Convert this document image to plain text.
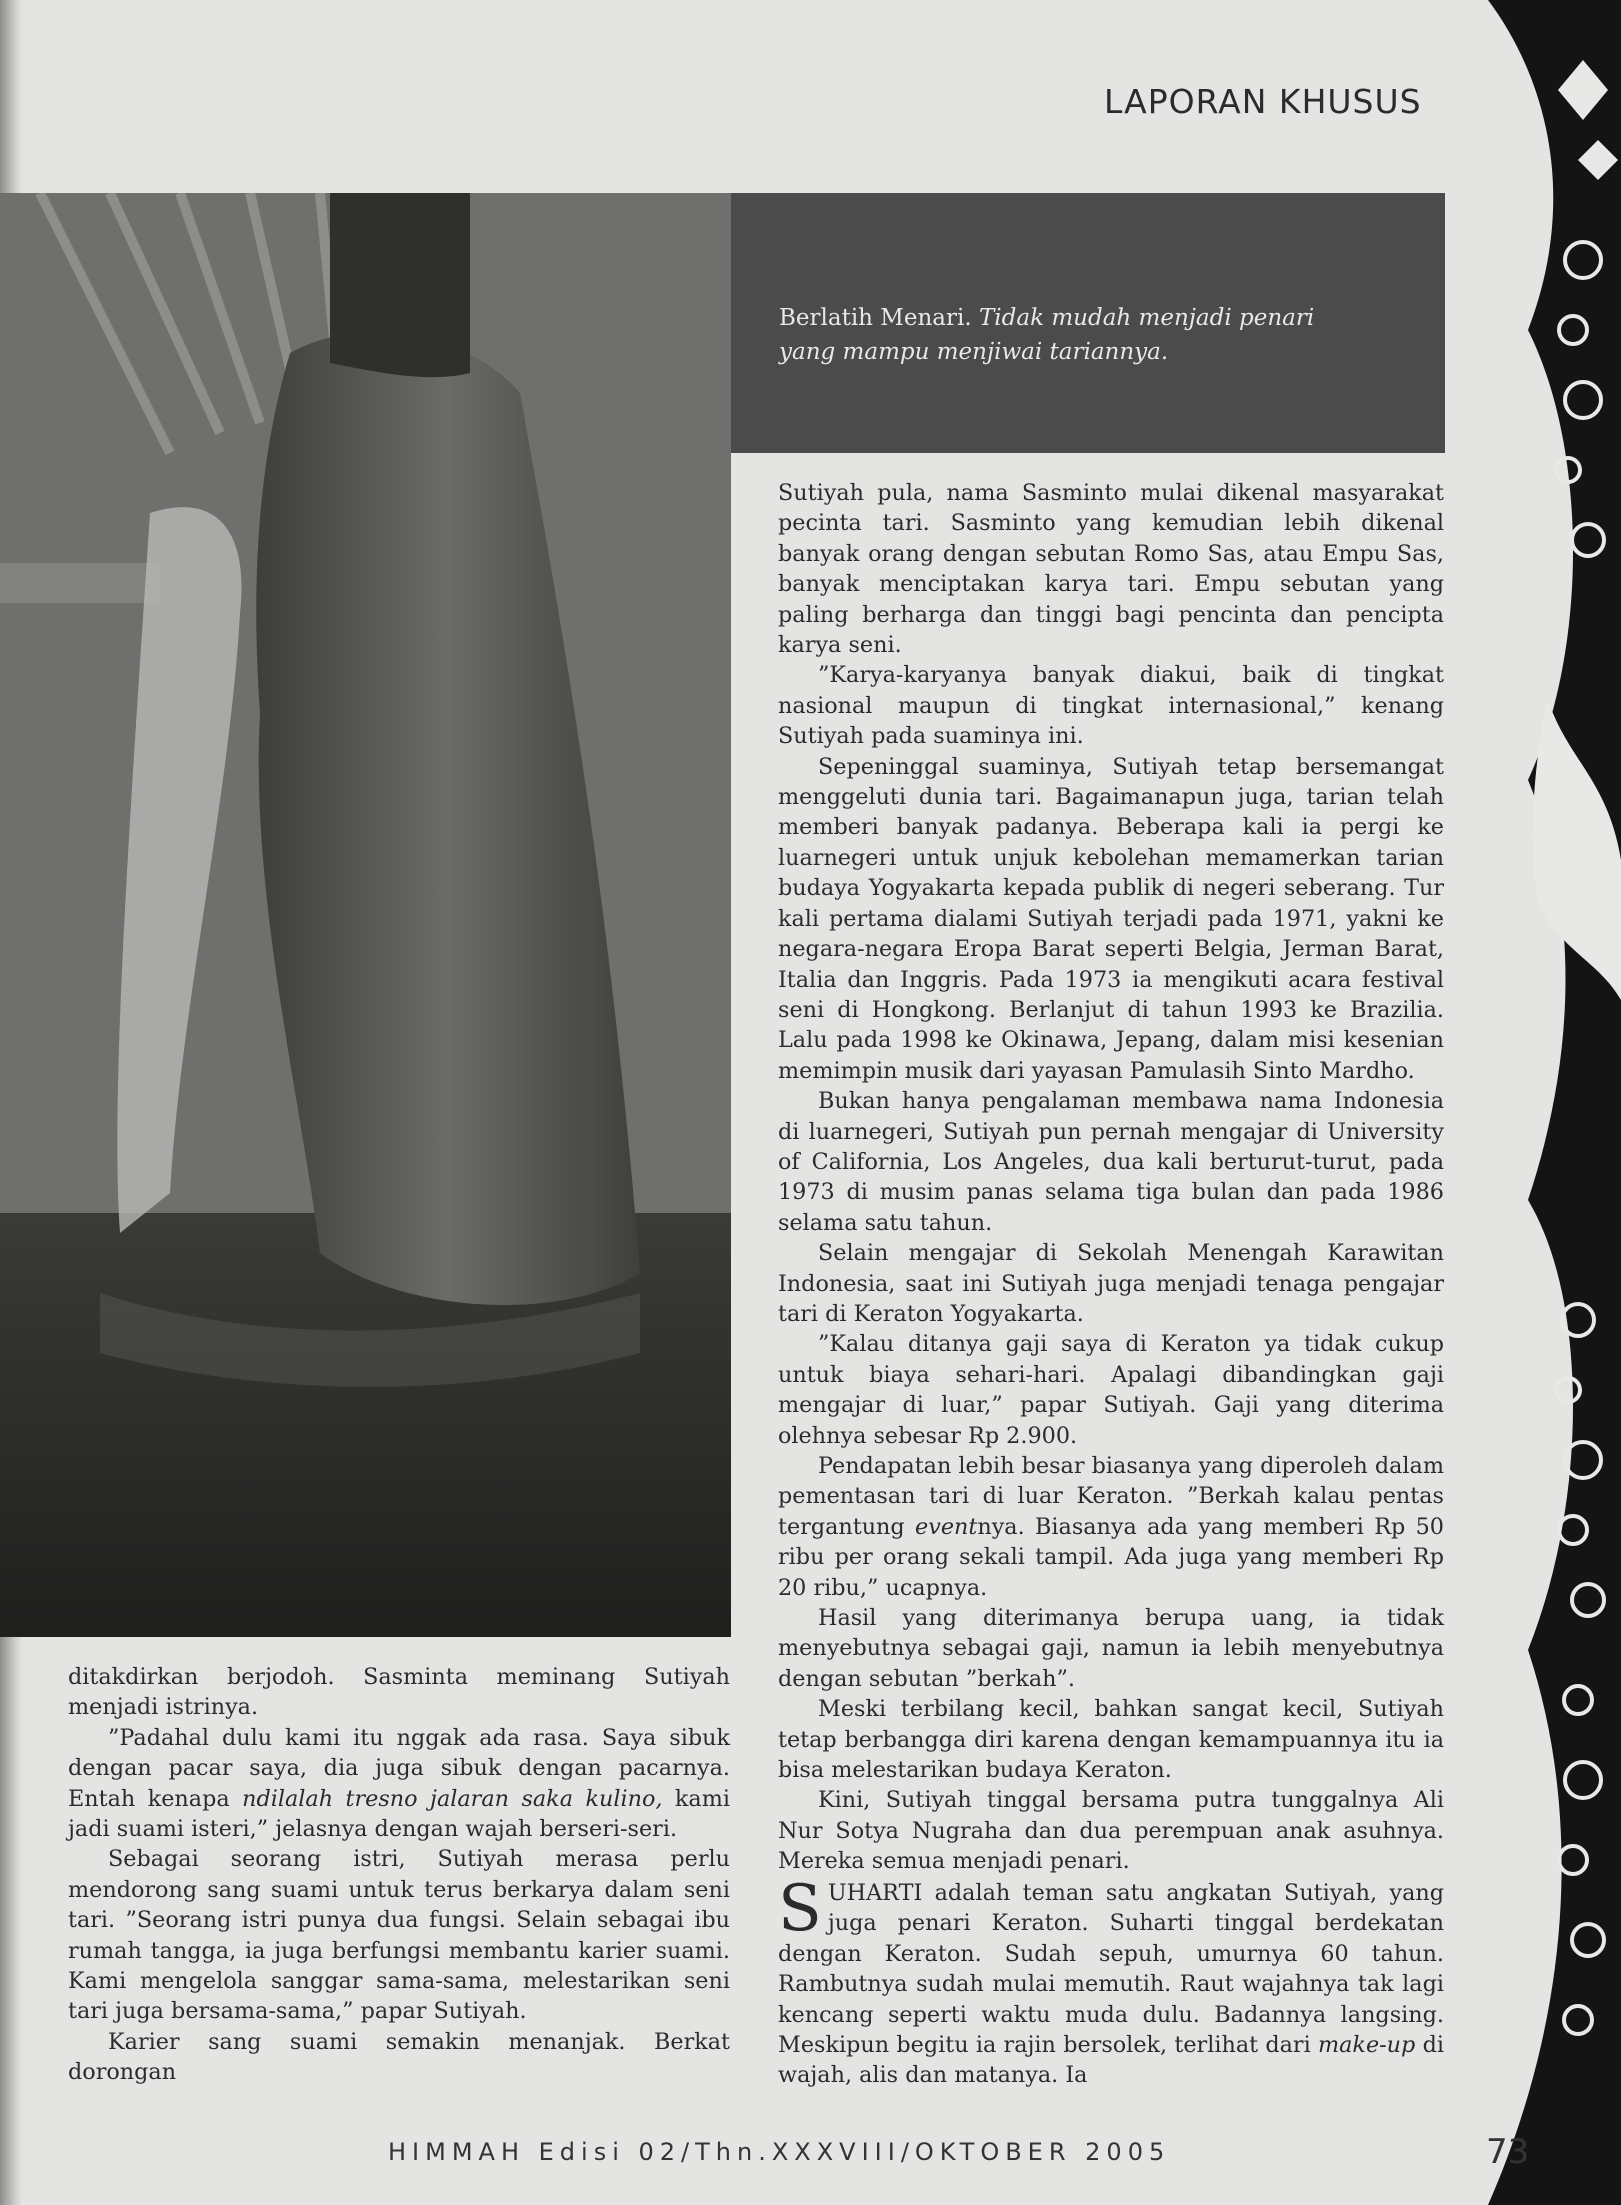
LAPORAN KHUSUS
Berlatih Menari. Tidak mudah menjadi penari
yang mampu menjiwai tariannya.

ditakdirkan berjodoh. Sasminta meminang Sutiyah menjadi istrinya.

”Padahal dulu kami itu nggak ada rasa. Saya sibuk dengan pacar saya, dia juga sibuk dengan pacarnya. Entah kenapa ndilalah tresno jalaran saka kulino, kami jadi suami isteri,” jelasnya dengan wajah berseri-seri.

Sebagai seorang istri, Sutiyah merasa perlu mendorong sang suami untuk terus berkarya dalam seni tari. ”Seorang istri punya dua fungsi. Selain sebagai ibu rumah tangga, ia juga berfungsi membantu karier suami. Kami mengelola sanggar sama-sama, melestarikan seni tari juga bersama-sama,” papar Sutiyah.

Karier sang suami semakin menanjak. Berkat dorongan

Sutiyah pula, nama Sasminto mulai dikenal masyarakat pecinta tari. Sasminto yang kemudian lebih dikenal banyak orang dengan sebutan Romo Sas, atau Empu Sas, banyak menciptakan karya tari. Empu sebutan yang paling berharga dan tinggi bagi pencinta dan pencipta karya seni.

”Karya-karyanya banyak diakui, baik di tingkat nasional maupun di tingkat internasional,” kenang Sutiyah pada suaminya ini.

Sepeninggal suaminya, Sutiyah tetap bersemangat menggeluti dunia tari. Bagaimanapun juga, tarian telah memberi banyak padanya. Beberapa kali ia pergi ke luarnegeri untuk unjuk kebolehan memamerkan tarian budaya Yogyakarta kepada publik di negeri seberang. Tur kali pertama dialami Sutiyah terjadi pada 1971, yakni ke negara-negara Eropa Barat seperti Belgia, Jerman Barat, Italia dan Inggris. Pada 1973 ia mengikuti acara festival seni di Hongkong. Berlanjut di tahun 1993 ke Brazilia. Lalu pada 1998 ke Okinawa, Jepang, dalam misi kesenian memimpin musik dari yayasan Pamulasih Sinto Mardho.

Bukan hanya pengalaman membawa nama Indonesia di luarnegeri, Sutiyah pun pernah mengajar di University of California, Los Angeles, dua kali berturut-turut, pada 1973 di musim panas selama tiga bulan dan pada 1986 selama satu tahun.

Selain mengajar di Sekolah Menengah Karawitan Indonesia, saat ini Sutiyah juga menjadi tenaga pengajar tari di Keraton Yogyakarta.

”Kalau ditanya gaji saya di Keraton ya tidak cukup untuk biaya sehari-hari. Apalagi dibandingkan gaji mengajar di luar,” papar Sutiyah. Gaji yang diterima olehnya sebesar Rp 2.900.

Pendapatan lebih besar biasanya yang diperoleh dalam pementasan tari di luar Keraton. ”Berkah kalau pentas tergantung eventnya. Biasanya ada yang memberi Rp 50 ribu per orang sekali tampil. Ada juga yang memberi Rp 20 ribu,” ucapnya.

Hasil yang diterimanya berupa uang, ia tidak menyebutnya sebagai gaji, namun ia lebih menyebutnya dengan sebutan ”berkah”.

Meski terbilang kecil, bahkan sangat kecil, Sutiyah tetap berbangga diri karena dengan kemampuannya itu ia bisa melestarikan budaya Keraton.

Kini, Sutiyah tinggal bersama putra tunggalnya Ali Nur Sotya Nugraha dan dua perempuan anak asuhnya. Mereka semua menjadi penari.

SUHARTI adalah teman satu angkatan Sutiyah, yang juga penari Keraton. Suharti tinggal berdekatan dengan Keraton. Sudah sepuh, umurnya 60 tahun. Rambutnya sudah mulai memutih. Raut wajahnya tak lagi kencang seperti waktu muda dulu. Badannya langsing. Meskipun begitu ia rajin bersolek, terlihat dari make-up di wajah, alis dan matanya. Ia

HIMMAH Edisi 02/Thn.XXXVIII/OKTOBER 2005	73
